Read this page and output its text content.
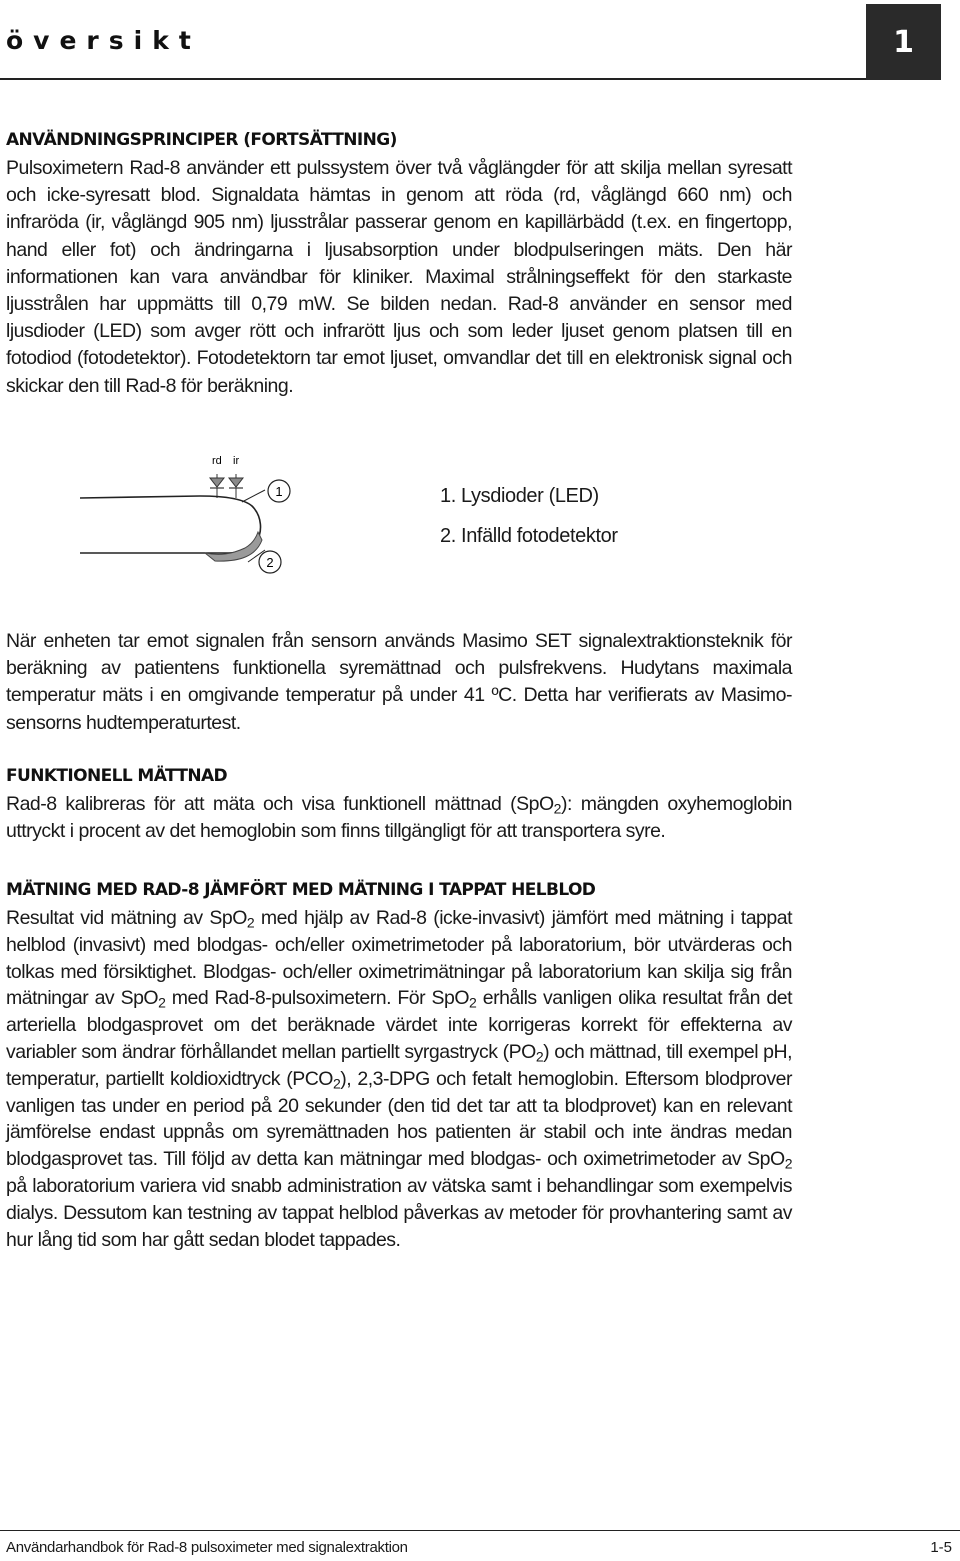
översikt	1
ANVÄNDNINGSPRINCIPER (FORTSÄTTNING)

Pulsoximetern Rad-8 använder ett pulssystem över två våglängder för att skilja mellan syresatt och icke-syresatt blod. Signaldata hämtas in genom att röda (rd, våglängd 660 nm) och infraröda (ir, våglängd 905 nm) ljusstrålar passerar genom en kapillärbädd (t.ex. en fingertopp, hand eller fot) och ändringarna i ljusabsorption under blodpulseringen mäts. Den här informationen kan vara användbar för kliniker. Maximal strålningseffekt för den starkaste ljusstrålen har uppmätts till 0,79 mW. Se bilden nedan. Rad-8 använder en sensor med ljusdioder (LED) som avger rött och infrarött ljus och som leder ljuset genom platsen till en fotodiod (fotodetektor). Fotodetektorn tar emot ljuset, omvandlar det till en elektronisk signal och skickar den till Rad-8 för beräkning.

rd ir
1
2
1. Lysdioder (LED)
2. Infälld fotodetektor

När enheten tar emot signalen från sensorn används Masimo SET signalextraktionsteknik för beräkning av patientens funktionella syremättnad och pulsfrekvens. Hudytans maximala temperatur mäts i en omgivande temperatur på under 41 ºC. Detta har verifierats av Masimo-sensorns hudtemperaturtest.

FUNKTIONELL MÄTTNAD

Rad-8 kalibreras för att mäta och visa funktionell mättnad (SpO$_2$): mängden oxyhemoglobin uttryckt i procent av det hemoglobin som finns tillgängligt för att transportera syre.

MÄTNING MED RAD-8 JÄMFÖRT MED MÄTNING I TAPPAT HELBLOD

Resultat vid mätning av SpO$_2$ med hjälp av Rad-8 (icke-invasivt) jämfört med mätning i tappat helblod (invasivt) med blodgas- och/eller oximetrimetoder på laboratorium, bör utvärderas och tolkas med försiktighet. Blodgas- och/eller oximetrimätningar på laboratorium kan skilja sig från mätningar av SpO$_2$ med Rad-8-pulsoximetern. För SpO$_2$ erhålls vanligen olika resultat från det arteriella blodgasprovet om det beräknade värdet inte korrigeras korrekt för effekterna av variabler som ändrar förhållandet mellan partiellt syrgastryck $(PO_2)$ och mättnad, till exempel pH, temperatur, partiellt koldioxidtryck $(PCO_2)$, 2,3-DPG och fetalt hemoglobin. Eftersom blodprover vanligen tas under en period på 20 sekunder (den tid det tar att ta blodprovet) kan en relevant jämförelse endast uppnås om syremättnaden hos patienten är stabil och inte ändras medan blodgasprovet tas. Till följd av detta kan mätningar med blodgas- och oximetrimetoder av SpO$_2$ på laboratorium variera vid snabb administration av vätska samt i behandlingar som exempelvis dialys. Dessutom kan testning av tappat helblod påverkas av metoder för provhantering samt av hur lång tid som har gått sedan blodet tappades.

Användarhandbok för Rad-8 pulsoximeter med signalextraktion	1-5
